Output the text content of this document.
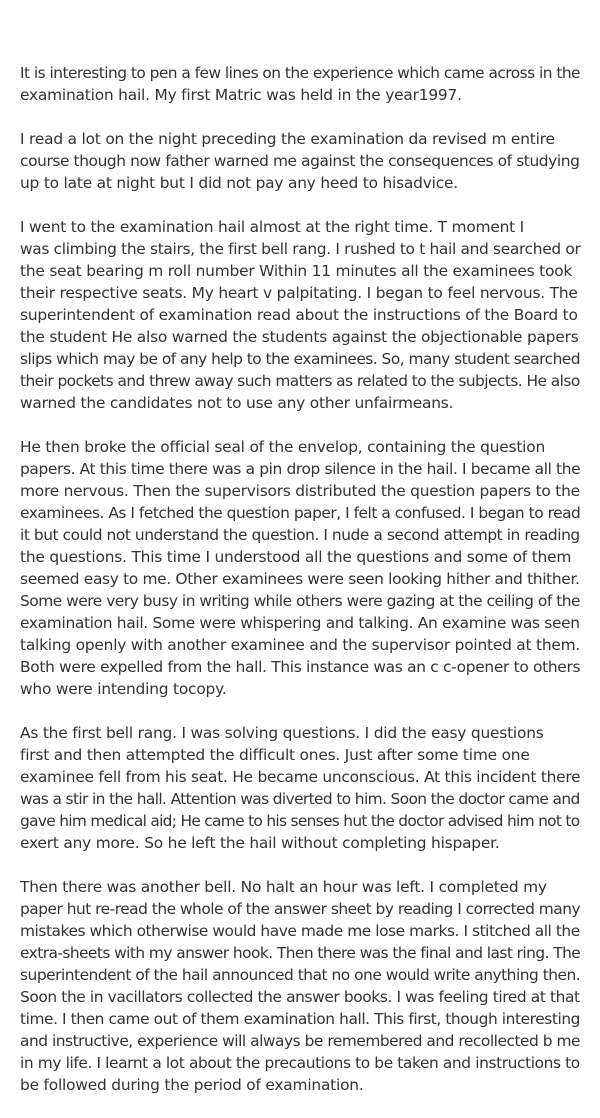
It is interesting to pen a few lines on the experience which came across in the
examination hail. My first Matric was held in the year1997.

I read a lot on the night preceding the examination da revised m entire
course though now father warned me against the consequences of studying
up to late at night but I did not pay any heed to hisadvice.

I went to the examination hail almost at the right time. T moment I
was climbing the stairs, the first bell rang. I rushed to t hail and searched or
the seat bearing m roll number Within 11 minutes all the examinees took
their respective seats. My heart v palpitating. I began to feel nervous. The
superintendent of examination read about the instructions of the Board to
the student He also warned the students against the objectionable papers
slips which may be of any help to the examinees. So, many student searched
their pockets and threw away such matters as related to the subjects. He also
warned the candidates not to use any other unfairmeans.

He then broke the official seal of the envelop, containing the question
papers. At this time there was a pin drop silence in the hail. I became all the
more nervous. Then the supervisors distributed the question papers to the
examinees. As I fetched the question paper, I felt a confused. I began to read
it but could not understand the question. I nude a second attempt in reading
the questions. This time I understood all the questions and some of them
seemed easy to me. Other examinees were seen looking hither and thither.
Some were very busy in writing while others were gazing at the ceiling of the
examination hail. Some were whispering and talking. An examine was seen
talking openly with another examinee and the supervisor pointed at them.
Both were expelled from the hall. This instance was an c c-opener to others
who were intending tocopy.

As the first bell rang. I was solving questions. I did the easy questions
first and then attempted the difficult ones. Just after some time one
examinee fell from his seat. He became unconscious. At this incident there
was a stir in the hall. Attention was diverted to him. Soon the doctor came and
gave him medical aid; He came to his senses hut the doctor advised him not to
exert any more. So he left the hail without completing hispaper.

Then there was another bell. No halt an hour was left. I completed my
paper hut re-read the whole of the answer sheet by reading I corrected many
mistakes which otherwise would have made me lose marks. I stitched all the
extra-sheets with my answer hook. Then there was the final and last ring. The
superintendent of the hail announced that no one would write anything then.
Soon the in vacillators collected the answer books. I was feeling tired at that
time. I then came out of them examination hall. This first, though interesting
and instructive, experience will always be remembered and recollected b me
in my life. I learnt a lot about the precautions to be taken and instructions to
be followed during the period of examination.
